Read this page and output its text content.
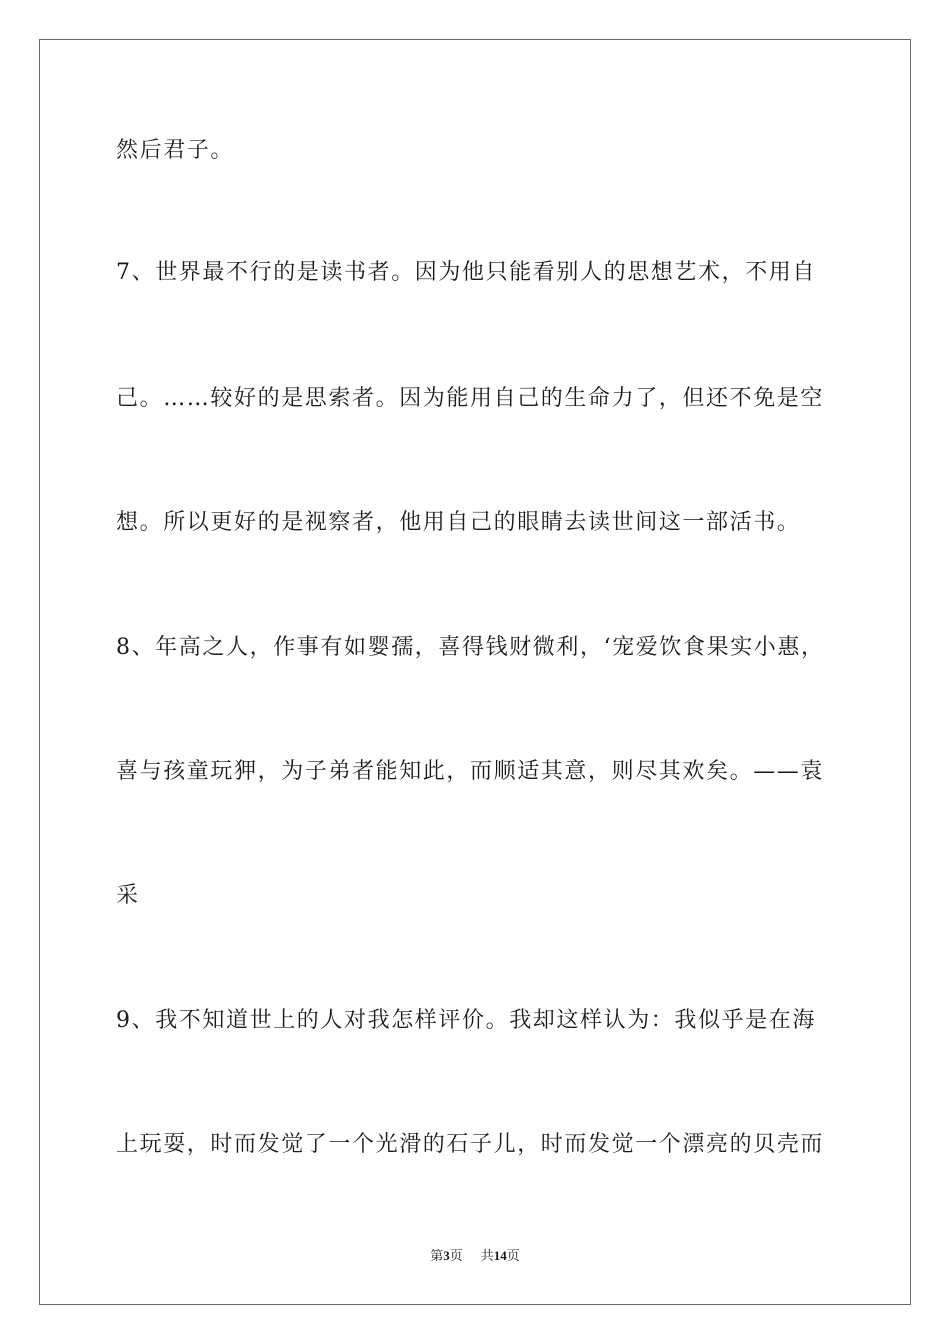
然后君子。
7、世界最不行的是读书者。因为他只能看别人的思想艺术，不用自
己。……较好的是思索者。因为能用自己的生命力了，但还不免是空
想。所以更好的是视察者，他用自己的眼睛去读世间这一部活书。
8、年高之人，作事有如婴孺，喜得钱财微利，‘宠爱饮食果实小惠，
喜与孩童玩狎，为子弟者能知此，而顺适其意，则尽其欢矣。——袁
采
9、我不知道世上的人对我怎样评价。我却这样认为：我似乎是在海
上玩耍，时而发觉了一个光滑的石子儿，时而发觉一个漂亮的贝壳而
第3页 共14页
